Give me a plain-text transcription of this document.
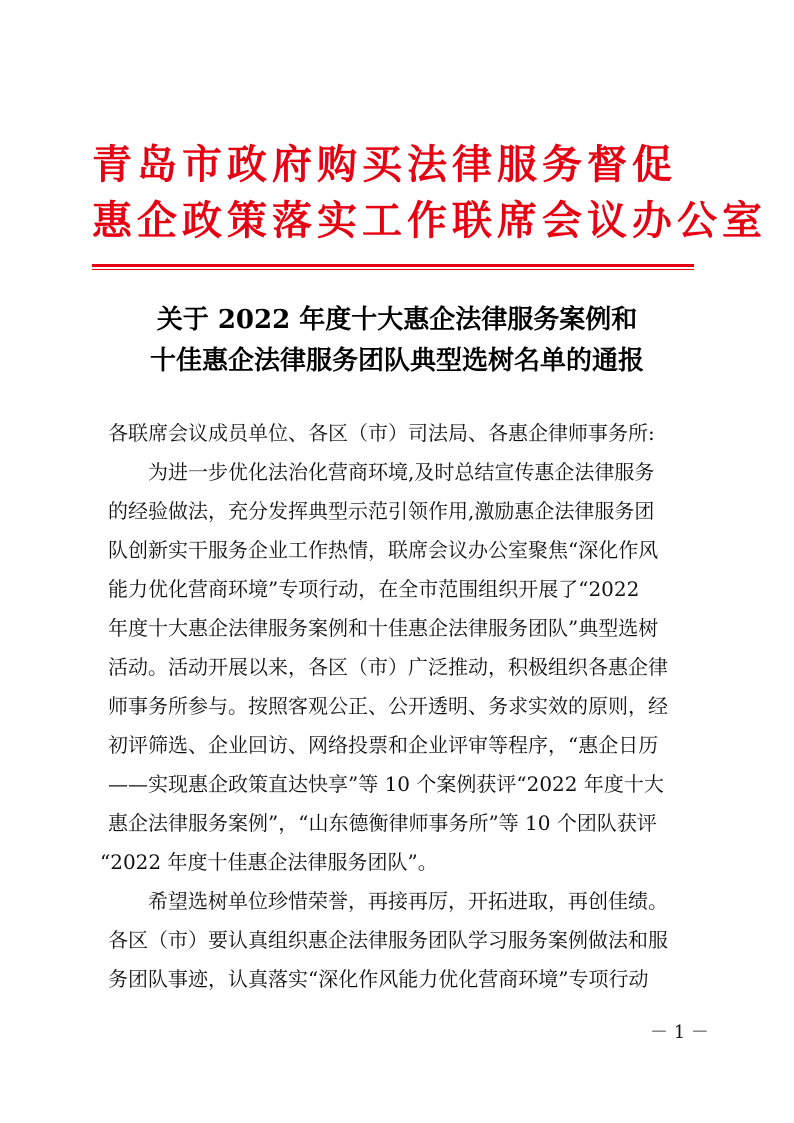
青岛市政府购买法律服务督促
惠企政策落实工作联席会议办公室
关于 2022 年度十大惠企法律服务案例和
十佳惠企法律服务团队典型选树名单的通报
各联席会议成员单位、各区（市）司法局、各惠企律师事务所:
为进一步优化法治化营商环境,及时总结宣传惠企法律服务
的经验做法，充分发挥典型示范引领作用,激励惠企法律服务团
队创新实干服务企业工作热情，联席会议办公室聚焦“深化作风
能力优化营商环境”专项行动，在全市范围组织开展了“2022
年度十大惠企法律服务案例和十佳惠企法律服务团队”典型选树
活动。活动开展以来，各区（市）广泛推动，积极组织各惠企律
师事务所参与。按照客观公正、公开透明、务求实效的原则，经
初评筛选、企业回访、网络投票和企业评审等程序，“惠企日历
——实现惠企政策直达快享”等 10 个案例获评“2022 年度十大
惠企法律服务案例”，“山东德衡律师事务所”等 10 个团队获评
“2022 年度十佳惠企法律服务团队”。
希望选树单位珍惜荣誉，再接再厉，开拓进取，再创佳绩。
各区（市）要认真组织惠企法律服务团队学习服务案例做法和服
务团队事迹，认真落实“深化作风能力优化营商环境”专项行动
－ 1 －
